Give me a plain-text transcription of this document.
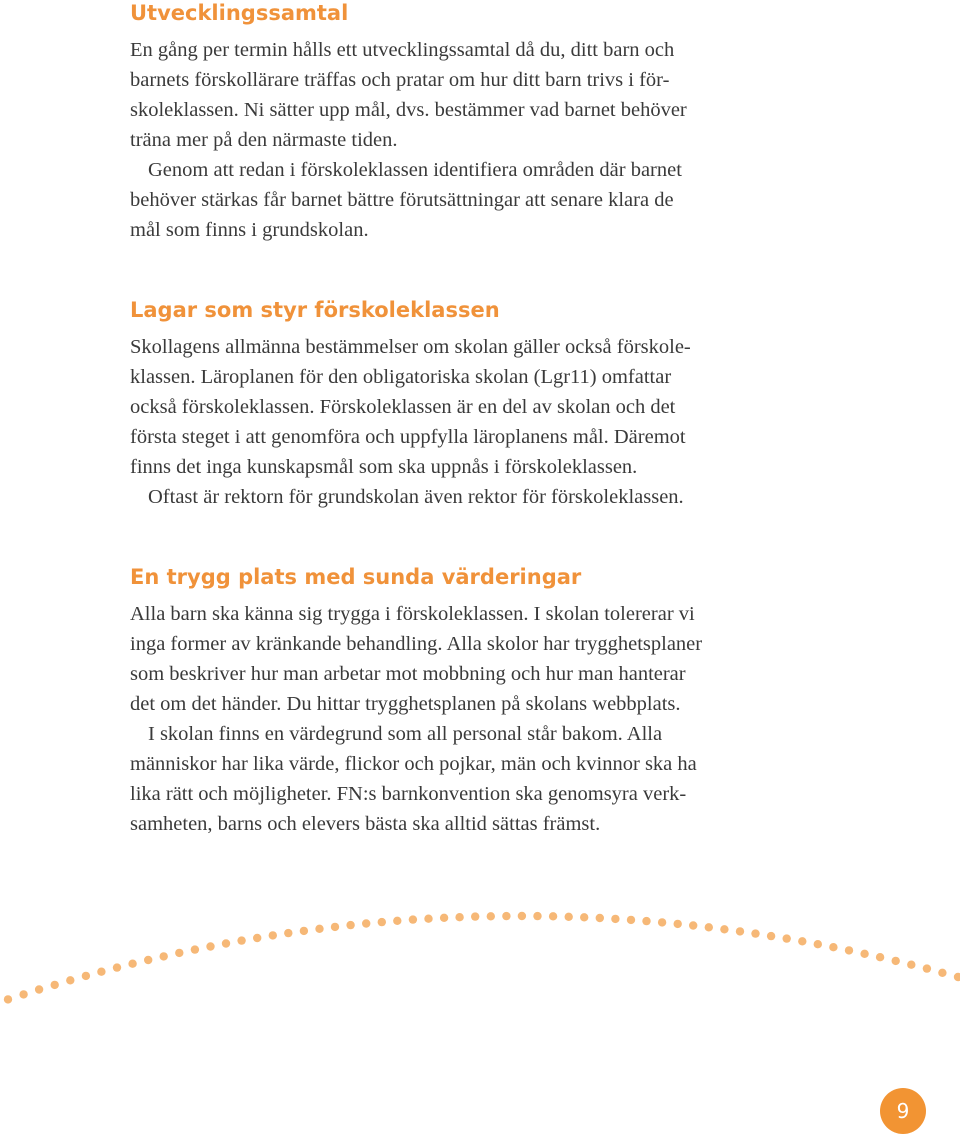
Utvecklingssamtal
En gång per termin hålls ett utvecklingssamtal då du, ditt barn och
barnets förskollärare träffas och pratar om hur ditt barn trivs i för-
skoleklassen. Ni sätter upp mål, dvs. bestämmer vad barnet behöver
träna mer på den närmaste tiden.
Genom att redan i förskoleklassen identifiera områden där barnet
behöver stärkas får barnet bättre förutsättningar att senare klara de
mål som finns i grundskolan.
Lagar som styr förskoleklassen
Skollagens allmänna bestämmelser om skolan gäller också förskole-
klassen. Läroplanen för den obligatoriska skolan (Lgr11) omfattar
också förskoleklassen. Förskoleklassen är en del av skolan och det
första steget i att genomföra och uppfylla läroplanens mål. Däremot
finns det inga kunskapsmål som ska uppnås i förskoleklassen.
Oftast är rektorn för grundskolan även rektor för förskoleklassen.
En trygg plats med sunda värderingar
Alla barn ska känna sig trygga i förskoleklassen. I skolan tolererar vi
inga former av kränkande behandling. Alla skolor har trygghetsplaner
som beskriver hur man arbetar mot mobbning och hur man hanterar
det om det händer. Du hittar trygghetsplanen på skolans webbplats.
I skolan finns en värdegrund som all personal står bakom. Alla
människor har lika värde, flickor och pojkar, män och kvinnor ska ha
lika rätt och möjligheter. FN:s barnkonvention ska genomsyra verk-
samheten, barns och elevers bästa ska alltid sättas främst.
9
